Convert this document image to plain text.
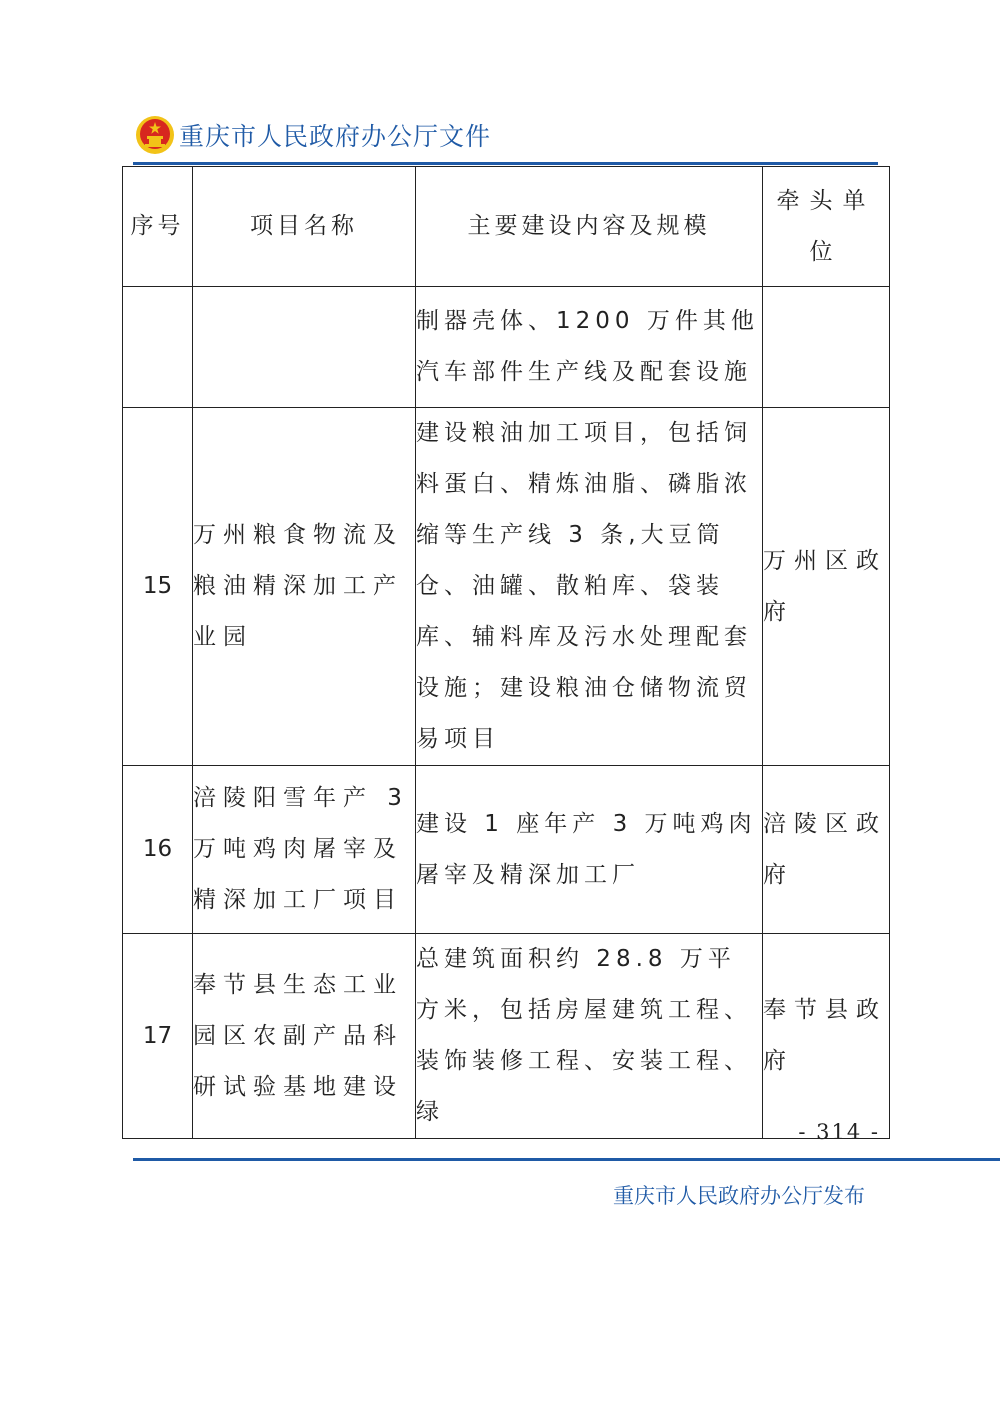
重庆市人民政府办公厅文件
序号	项目名称	主要建设内容及规模	牵头单位
		制器壳体、1200 万件其他汽车部件生产线及配套设施	
15	万州粮食物流及粮油精深加工产业园	建设粮油加工项目，包括饲料蛋白、精炼油脂、磷脂浓缩等生产线 3 条,大豆筒仓、油罐、散粕库、袋装库、辅料库及污水处理配套设施；建设粮油仓储物流贸易项目	万州区政府
16	涪陵阳雪年产 3 万吨鸡肉屠宰及精深加工厂项目	建设 1 座年产 3 万吨鸡肉屠宰及精深加工厂	涪陵区政府
17	奉节县生态工业园区农副产品科研试验基地建设	总建筑面积约 28.8 万平方米，包括房屋建筑工程、装饰装修工程、安装工程、绿	奉节县政府
- 314 -
重庆市人民政府办公厅发布
